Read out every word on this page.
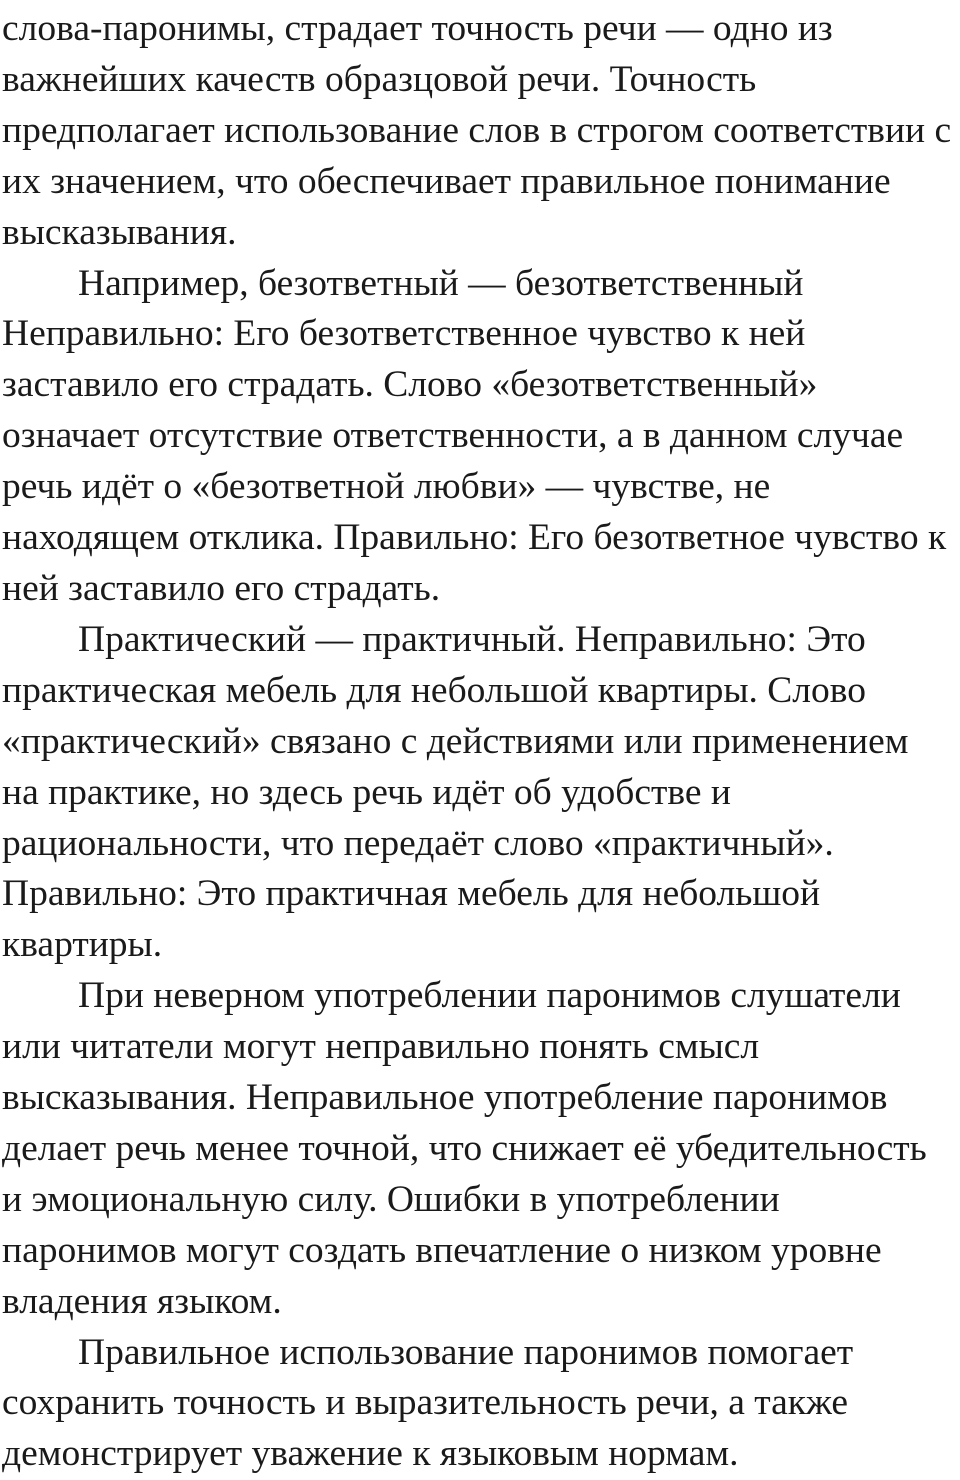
слова-паронимы, страдает точность речи — одно из важнейших качеств образцовой речи. Точность предполагает использование слов в строгом соответствии с их значением, что обеспечивает правильное понимание высказывания.

Например, безответный — безответственный Неправильно: Его безответственное чувство к ней заставило его страдать. Слово «безответственный» означает отсутствие ответственности, а в данном случае речь идёт о «безответной любви» — чувстве, не находящем отклика. Правильно: Его безответное чувство к ней заставило его страдать.

Практический — практичный. Неправильно: Это практическая мебель для небольшой квартиры. Слово «практический» связано с действиями или применением на практике, но здесь речь идёт об удобстве и рациональности, что передаёт слово «практичный». Правильно: Это практичная мебель для небольшой квартиры.

При неверном употреблении паронимов слушатели или читатели могут неправильно понять смысл высказывания. Неправильное употребление паронимов делает речь менее точной, что снижает её убедительность и эмоциональную силу. Ошибки в употреблении паронимов могут создать впечатление о низком уровне владения языком.

Правильное использование паронимов помогает сохранить точность и выразительность речи, а также демонстрирует уважение к языковым нормам.
